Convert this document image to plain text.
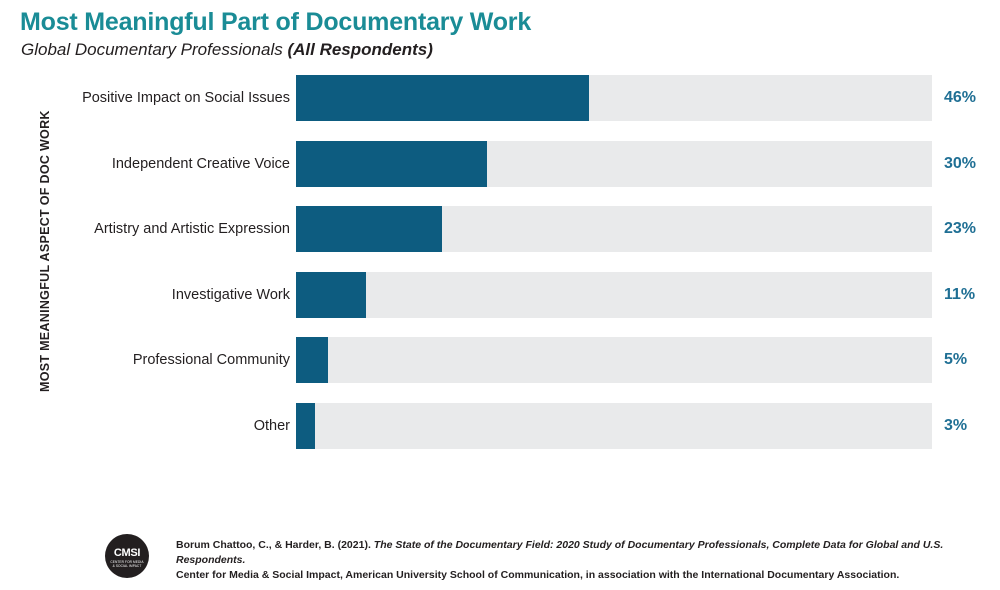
Most Meaningful Part of Documentary Work
Global Documentary Professionals (All Respondents)
MOST MEANINGFUL ASPECT OF DOC WORK
Positive Impact on Social Issues	46%
Independent Creative Voice	30%
Artistry and Artistic Expression	23%
Investigative Work	11%
Professional Community	5%
Other	3%
CMSI
CENTER FOR MEDIA & SOCIAL IMPACT
Borum Chattoo, C., & Harder, B. (2021). The State of the Documentary Field: 2020 Study of Documentary Professionals, Complete Data for Global and U.S. Respondents.
Center for Media & Social Impact, American University School of Communication, in association with the International Documentary Association.
